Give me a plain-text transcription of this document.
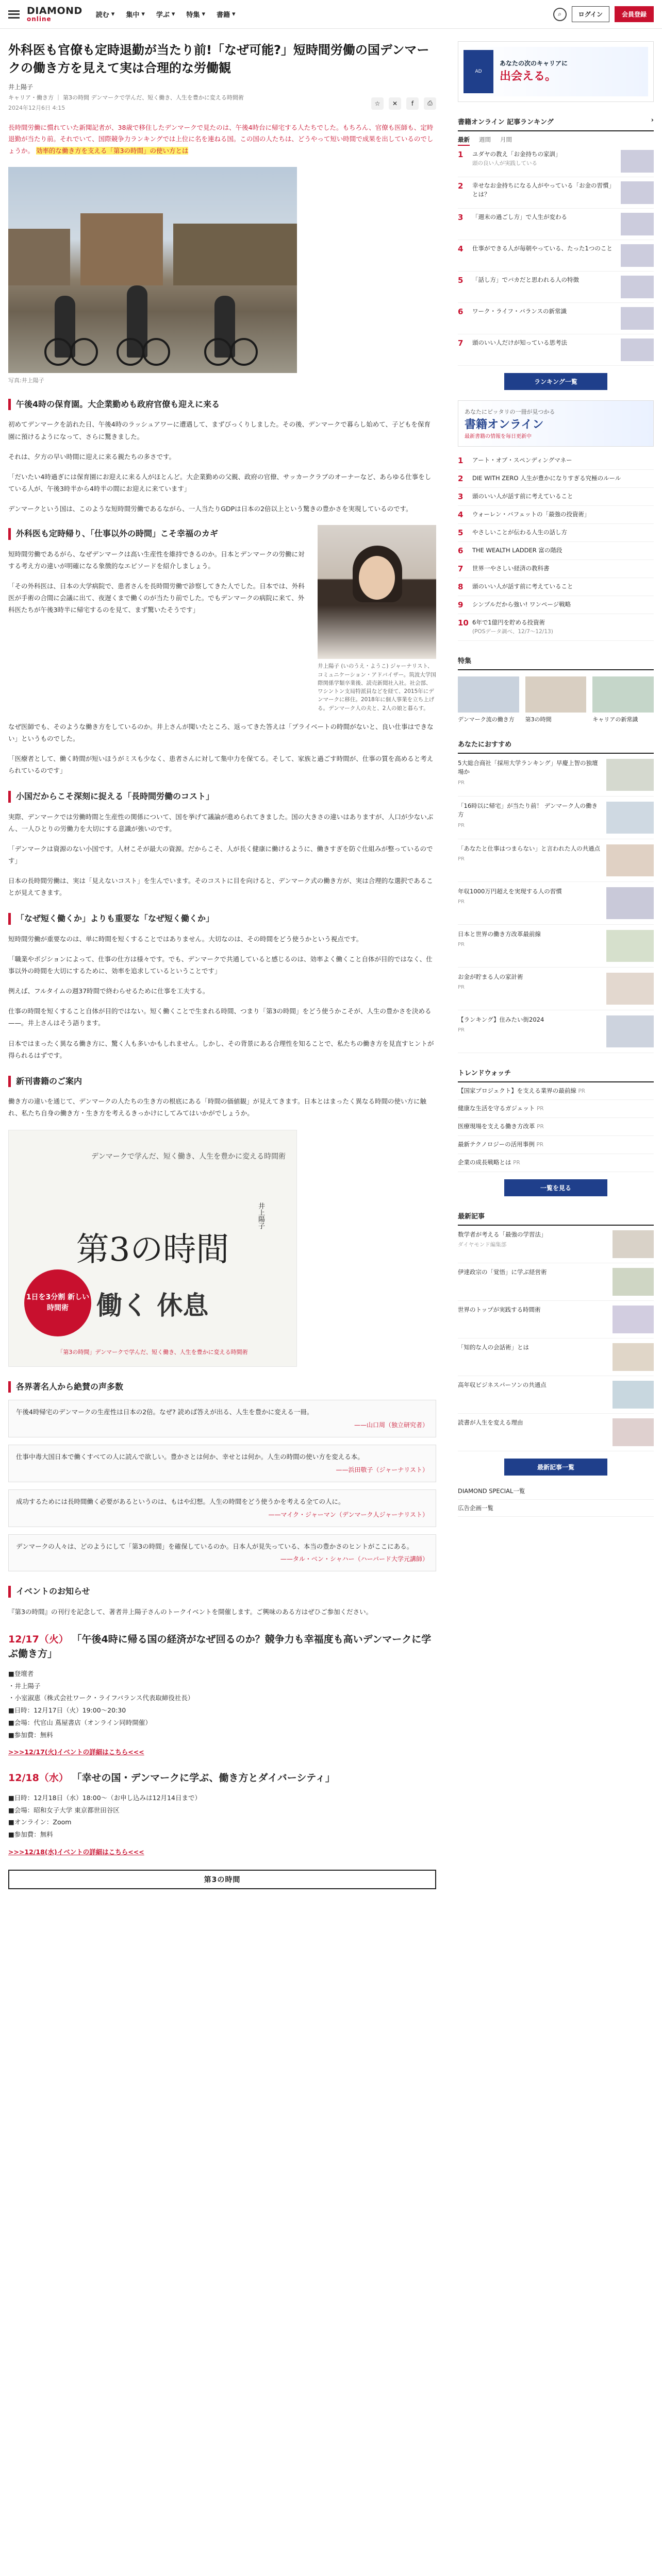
DIAMOND
online	読む ▾ 集中 ▾ 学ぶ ▾ 特集 ▾ 書籍 ▾	⌕	ログイン	会員登録
外科医も官僚も定時退勤が当たり前!「なぜ可能?」短時間労働の国デンマークの働き方を見えて実は合理的な労働観
井上陽子
キャリア・働き方 ｜ 第3の時間 デンマークで学んだ、短く働き、人生を豊かに変える時間術
2024年12月6日 4:15
☆	✕	f	⎙

長時間労働に慣れていた新聞記者が、38歳で移住したデンマークで見たのは、午後4時台に帰宅する人たちでした。もちろん、官僚も医師も、定時退勤が当たり前。それでいて、国際競争力ランキングでは上位に名を連ねる国。この国の人たちは、どうやって短い時間で成果を出しているのでしょうか。 効率的な働き方を支える「第3の時間」の使い方とは

写真:井上陽子
午後4時の保育園。大企業勤めも政府官僚も迎えに来る

初めてデンマークを訪れた日、午後4時のラッシュアワーに遭遇して、まずびっくりしました。その後、デンマークで暮らし始めて、子どもを保育園に預けるようになって、さらに驚きました。

それは、夕方の早い時間に迎えに来る親たちの多さです。

「だいたい4時過ぎには保育園にお迎えに来る人がほとんど。大企業勤めの父親、政府の官僚、サッカークラブのオーナーなど、あらゆる仕事をしている人が、午後3時半から4時半の間にお迎えに来ています」

デンマークという国は、このような短時間労働であるながら、一人当たりGDPは日本の2倍以上という驚きの豊かさを実現しているのです。

外科医も定時帰り、「仕事以外の時間」こそ幸福のカギ

短時間労働であるがら、なぜデンマークは高い生産性を維持できるのか。日本とデンマークの労働に対する考え方の違いが明確になる象徴的なエピソードを紹介しましょう。

「その外科医は、日本の大学病院で、患者さんを長時間労働で診察してきた人でした。日本では、外科医が手術の合間に会議に出て、夜遅くまで働くのが当たり前でした。でもデンマークの病院に来て、外科医たちが午後3時半に帰宅するのを見て、まず驚いたそうです」

井上陽子 (いのうえ・ようこ) ジャーナリスト、コミュニケーション・アドバイザー。筑波大学国際関係学類卒業後、読売新聞社入社。社会部、ワシントン支局特派員などを経て、2015年にデンマークに移住。2018年に個人事業を立ち上げる。デンマーク人の夫と、2人の娘と暮らす。

なぜ医師でも、そのような働き方をしているのか。井上さんが聞いたところ、返ってきた答えは「プライベートの時間がないと、良い仕事はできない」というものでした。

「医療者として、働く時間が短いほうがミスも少なく、患者さんに対して集中力を保てる。そして、家族と過ごす時間が、仕事の質を高めると考えられているのです」

小国だからこそ深刻に捉える「長時間労働のコスト」

実際、デンマークでは労働時間と生産性の関係について、国を挙げて議論が進められてきました。国の大きさの違いはありますが、人口が少ないぶん、一人ひとりの労働力を大切にする意識が強いのです。

「デンマークは資源のない小国です。人材こそが最大の資源。だからこそ、人が長く健康に働けるように、働きすぎを防ぐ仕組みが整っているのです」

日本の長時間労働は、実は「見えないコスト」を生んでいます。そのコストに目を向けると、デンマーク式の働き方が、実は合理的な選択であることが見えてきます。

「なぜ短く働くか」よりも重要な「なぜ短く働くか」

短時間労働が重要なのは、単に時間を短くすることではありません。大切なのは、その時間をどう使うかという視点です。

「職業やポジションによって、仕事の仕方は様々です。でも、デンマークで共通していると感じるのは、効率よく働くこと自体が目的ではなく、仕事以外の時間を大切にするために、効率を追求しているということです」

例えば、フルタイムの週37時間で終わらせるために仕事を工夫する。

仕事の時間を短くすること自体が目的ではない。短く働くことで生まれる時間、つまり「第3の時間」をどう使うかこそが、人生の豊かさを決める——。井上さんはそう語ります。

日本ではまったく異なる働き方に、驚く人も多いかもしれません。しかし、その背景にある合理性を知ることで、私たちの働き方を見直すヒントが得られるはずです。

新刊書籍のご案内

働き方の違いを通じて、デンマークの人たちの生き方の根底にある「時間の価値観」が見えてきます。日本とはまったく異なる時間の使い方に触れ、私たち自身の働き方・生き方を考えるきっかけにしてみてはいかがでしょうか。

デンマークで学んだ、短く働き、人生を豊かに変える時間術
井上陽子
第3の時間
1日を3分割 新しい時間術	働く 休息
「第3の時間」デンマークで学んだ、短く働き、人生を豊かに変える時間術
各界著名人から絶賛の声多数
午後4時帰宅のデンマークの生産性は日本の2倍。なぜ? 読めば答えが出る、人生を豊かに変える一冊。
——山口周（独立研究者）
仕事中毒大国日本で働くすべての人に読んで欲しい。豊かさとは何か、幸せとは何か。人生の時間の使い方を変える本。
——浜田敬子（ジャーナリスト）
成功するためには長時間働く必要があるというのは、もはや幻想。人生の時間をどう使うかを考える全ての人に。
——マイク・ジャーマン（デンマーク人ジャーナリスト）
デンマークの人々は、どのようにして「第3の時間」を確保しているのか。日本人が見失っている、本当の豊かさのヒントがここにある。
——タル・ベン・シャハー（ハーバード大学元講師）
イベントのお知らせ

『第3の時間』の刊行を記念して、著者井上陽子さんのトークイベントを開催します。ご興味のある方はぜひご参加ください。

12/17（火） 「午後4時に帰る国の経済がなぜ回るのか？競争力も幸福度も高いデンマークに学ぶ働き方」
■登壇者
・井上陽子
・小室淑恵（株式会社ワーク・ライフバランス代表取締役社長）
■日時：12月17日（火）19:00～20:30
■会場：代官山 蔦屋書店（オンライン同時開催）
■参加費：無料
>>>12/17(火)イベントの詳細はこちら<<<
12/18（水） 「幸せの国・デンマークに学ぶ、働き方とダイバーシティ」
■日時：12月18日（水）18:00～（お申し込みは12月14日まで）
■会場：昭和女子大学 東京都世田谷区
■オンライン：Zoom
■参加費：無料
>>>12/18(水)イベントの詳細はこちら<<<
第3の時間
AD
あなたの次のキャリアに
出会える。
書籍オンライン 記事ランキング	›
最新 週間 月間
1	ユダヤの教え「お金持ちの家訓」
頭の良い人が実践している
2	幸せなお金持ちになる人がやっている「お金の習慣」とは？
3	「週末の過ごし方」で人生が変わる
4	仕事ができる人が毎朝やっている、たった1つのこと
5	「話し方」でバカだと思われる人の特徴
6	ワーク・ライフ・バランスの新常識
7	頭のいい人だけが知っている思考法
ランキング一覧
あなたにピッタリの一冊が見つかる
書籍オンライン
最新書籍の情報を毎日更新中
1	アート・オブ・スペンディングマネー
2	DIE WITH ZERO 人生が豊かになりすぎる究極のルール
3	頭のいい人が話す前に考えていること
4	ウォーレン・バフェットの「最強の投資術」
5	やさしいことが伝わる人生の話し方
6	THE WEALTH LADDER 富の階段
7	世界一やさしい経済の教科書
8	頭のいい人が話す前に考えていること
9	シンプルだから強い! ワンページ戦略
10 6年で1億円を貯める投資術
(POSデータ調べ、12/7〜12/13)
特集
デンマーク流の働き方	第3の時間	キャリアの新常識
あなたにおすすめ
5大総合商社「採用大学ランキング」早慶上智の独壇場か
PR
「16時以に帰宅」が当たり前！ デンマーク人の働き方
PR
「あなたと仕事はつまらない」と言われた人の共通点
PR
年収1000万円超えを実現する人の習慣
PR
日本と世界の働き方改革最前線
PR
お金が貯まる人の家計術
PR
【ランキング】住みたい街2024
PR
トレンドウォッチ
【国家プロジェクト】を支える業界の最前線 PR
健康な生活を守るガジェット PR
医療現場を支える働き方改革 PR
最新テクノロジーの活用事例 PR
企業の成長戦略とは PR
一覧を見る
最新記事
数学者が考える「最強の学習法」
ダイヤモンド編集部
伊達政宗の「覚悟」に学ぶ経営術
世界のトップが実践する時間術
「知的な人の会話術」とは
高年収ビジネスパーソンの共通点
読書が人生を変える理由
最新記事一覧
DIAMOND SPECIAL一覧
広告企画一覧
